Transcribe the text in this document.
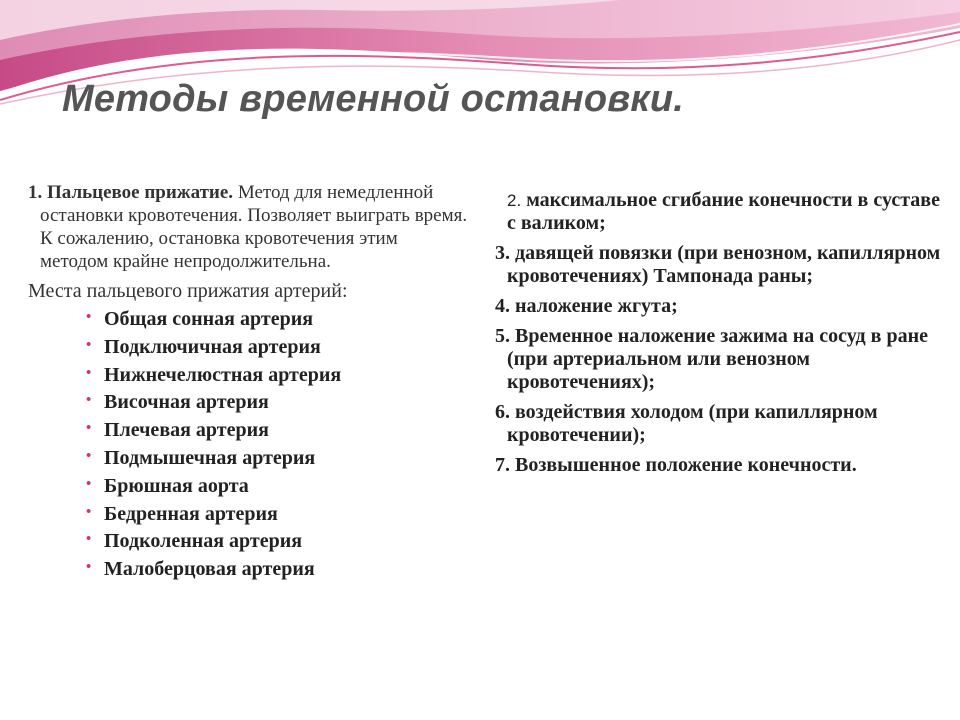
Методы временной остановки.

1. Пальцевое прижатие. Метод для немедленной остановки кровотечения. Позволяет выиграть время. К сожалению, остановка кровотечения этим методом крайне непродолжительна.

Места пальцевого прижатия артерий:

• Общая сонная артерия
• Подключичная артерия
• Нижнечелюстная артерия
• Височная артерия
• Плечевая артерия
• Подмышечная артерия
• Брюшная аорта
• Бедренная артерия
• Подколенная артерия
• Малоберцовая артерия

2. максимальное сгибание конечности в суставе с валиком;

3. давящей повязки (при венозном, капиллярном кровотечениях) Тампонада раны;

4. наложение жгута;

5. Временное наложение зажима на сосуд в ране (при артериальном или венозном кровотечениях);

6. воздействия холодом (при капиллярном кровотечении);

7. Возвышенное положение конечности.
